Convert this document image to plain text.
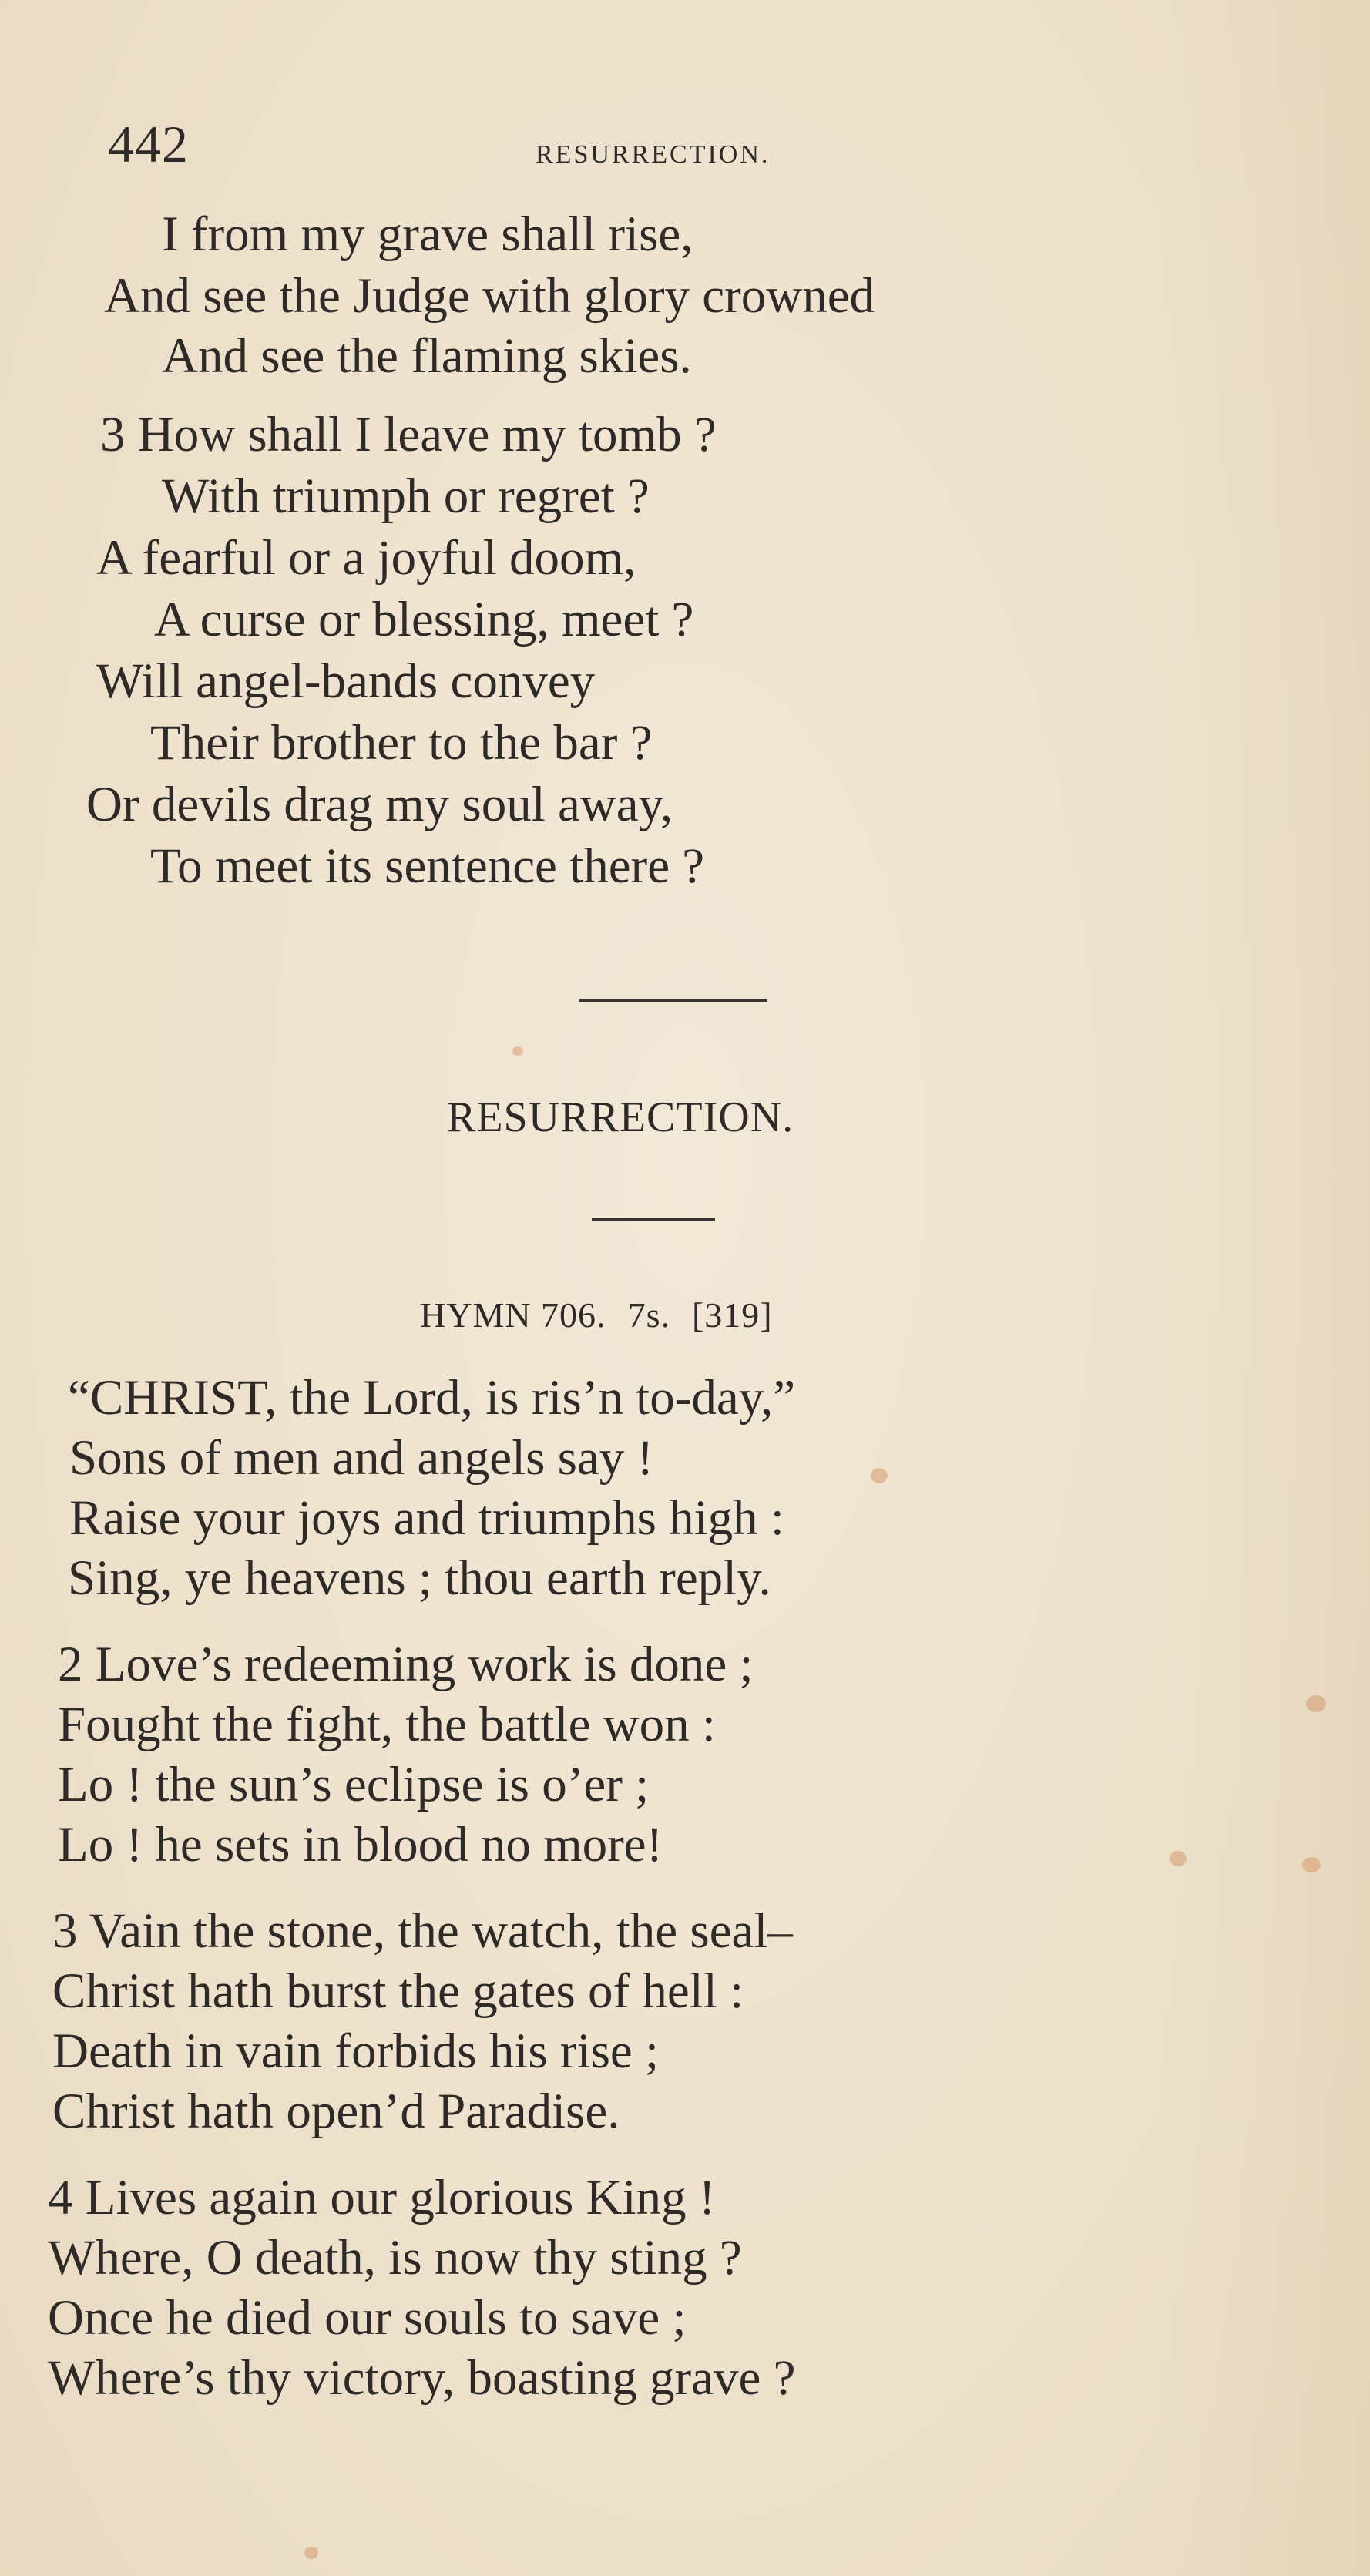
442	RESURRECTION.
I from my grave shall rise,
And see the Judge with glory crowned
And see the flaming skies.
3 How shall I leave my tomb ?
With triumph or regret ?
A fearful or a joyful doom,
A curse or blessing, meet ?
Will angel-bands convey
Their brother to the bar ?
Or devils drag my soul away,
To meet its sentence there ?
RESURRECTION.
HYMN 706. 7s. [319]
“CHRIST, the Lord, is ris’n to-day,”
Sons of men and angels say !
Raise your joys and triumphs high :
Sing, ye heavens ; thou earth reply.
2 Love’s redeeming work is done ;
Fought the fight, the battle won :
Lo ! the sun’s eclipse is o’er ;
Lo ! he sets in blood no more!
3 Vain the stone, the watch, the seal–
Christ hath burst the gates of hell :
Death in vain forbids his rise ;
Christ hath open’d Paradise.
4 Lives again our glorious King !
Where, O death, is now thy sting ?
Once he died our souls to save ;
Where’s thy victory, boasting grave ?
